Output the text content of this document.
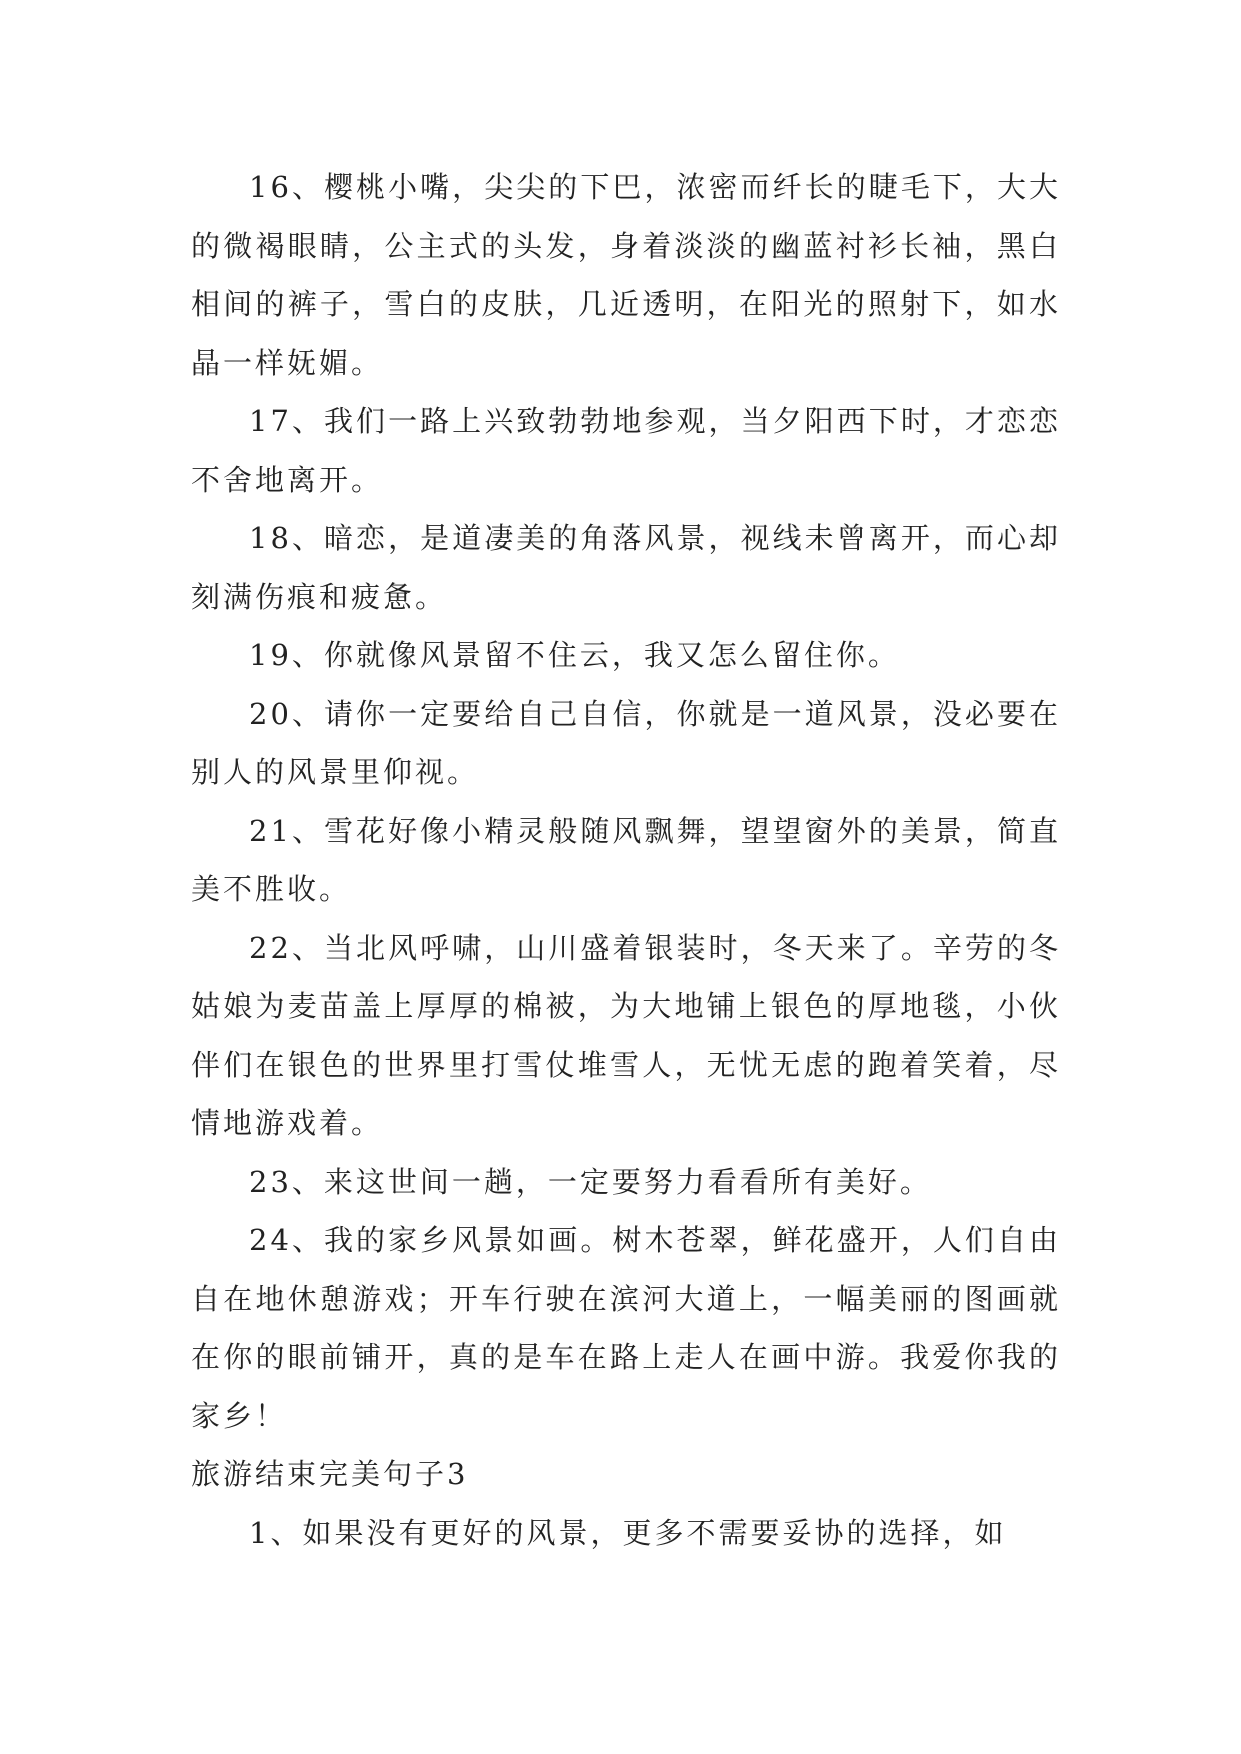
16、樱桃小嘴，尖尖的下巴，浓密而纤长的睫毛下，大大的微褐眼睛，公主式的头发，身着淡淡的幽蓝衬衫长袖，黑白相间的裤子，雪白的皮肤，几近透明，在阳光的照射下，如水晶一样妩媚。

17、我们一路上兴致勃勃地参观，当夕阳西下时，才恋恋不舍地离开。

18、暗恋，是道凄美的角落风景，视线未曾离开，而心却刻满伤痕和疲惫。

19、你就像风景留不住云，我又怎么留住你。

20、请你一定要给自己自信，你就是一道风景，没必要在别人的风景里仰视。

21、雪花好像小精灵般随风飘舞，望望窗外的美景，简直美不胜收。

22、当北风呼啸，山川盛着银装时，冬天来了。辛劳的冬姑娘为麦苗盖上厚厚的棉被，为大地铺上银色的厚地毯，小伙伴们在银色的世界里打雪仗堆雪人，无忧无虑的跑着笑着，尽情地游戏着。

23、来这世间一趟，一定要努力看看所有美好。

24、我的家乡风景如画。树木苍翠，鲜花盛开，人们自由自在地休憩游戏；开车行驶在滨河大道上，一幅美丽的图画就在你的眼前铺开，真的是车在路上走人在画中游。我爱你我的家乡！

旅游结束完美句子3

1、如果没有更好的风景，更多不需要妥协的选择，如
